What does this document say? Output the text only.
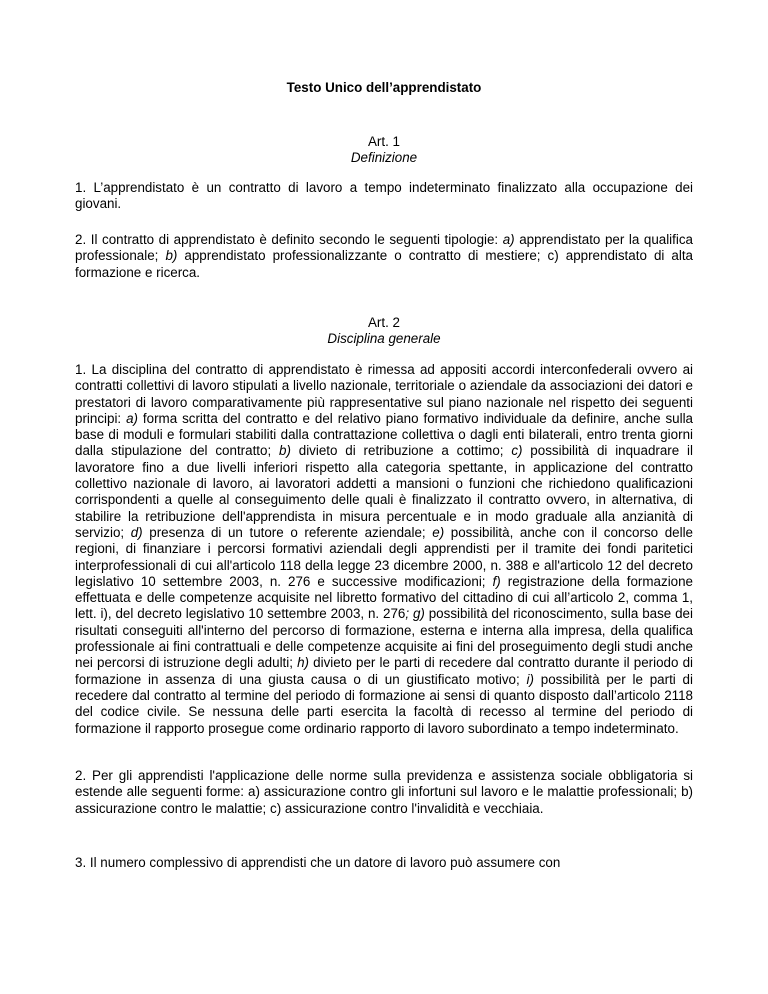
Testo Unico dell’apprendistato
Art. 1
Definizione

1. L’apprendistato è un contratto di lavoro a tempo indeterminato finalizzato alla occupazione dei giovani.

2. Il contratto di apprendistato è definito secondo le seguenti tipologie: a) apprendistato per la qualifica professionale; b) apprendistato professionalizzante o contratto di mestiere; c) apprendistato di alta formazione e ricerca.

Art. 2
Disciplina generale

1. La disciplina del contratto di apprendistato è rimessa ad appositi accordi interconfederali ovvero ai contratti collettivi di lavoro stipulati a livello nazionale, territoriale o aziendale da associazioni dei datori e prestatori di lavoro comparativamente più rappresentative sul piano nazionale nel rispetto dei seguenti principi: a) forma scritta del contratto e del relativo piano formativo individuale da definire, anche sulla base di moduli e formulari stabiliti dalla contrattazione collettiva o dagli enti bilaterali, entro trenta giorni dalla stipulazione del contratto; b) divieto di retribuzione a cottimo; c) possibilità di inquadrare il lavoratore fino a due livelli inferiori rispetto alla categoria spettante, in applicazione del contratto collettivo nazionale di lavoro, ai lavoratori addetti a mansioni o funzioni che richiedono qualificazioni corrispondenti a quelle al conseguimento delle quali è finalizzato il contratto ovvero, in alternativa, di stabilire la retribuzione dell'apprendista in misura percentuale e in modo graduale alla anzianità di servizio; d) presenza di un tutore o referente aziendale; e) possibilità, anche con il concorso delle regioni, di finanziare i percorsi formativi aziendali degli apprendisti per il tramite dei fondi paritetici interprofessionali di cui all'articolo 118 della legge 23 dicembre 2000, n. 388 e all'articolo 12 del decreto legislativo 10 settembre 2003, n. 276 e successive modificazioni; f) registrazione della formazione effettuata e delle competenze acquisite nel libretto formativo del cittadino di cui all’articolo 2, comma 1, lett. i), del decreto legislativo 10 settembre 2003, n. 276; g) possibilità del riconoscimento, sulla base dei risultati conseguiti all'interno del percorso di formazione, esterna e interna alla impresa, della qualifica professionale ai fini contrattuali e delle competenze acquisite ai fini del proseguimento degli studi anche nei percorsi di istruzione degli adulti; h) divieto per le parti di recedere dal contratto durante il periodo di formazione in assenza di una giusta causa o di un giustificato motivo; i) possibilità per le parti di recedere dal contratto al termine del periodo di formazione ai sensi di quanto disposto dall’articolo 2118 del codice civile. Se nessuna delle parti esercita la facoltà di recesso al termine del periodo di formazione il rapporto prosegue come ordinario rapporto di lavoro subordinato a tempo indeterminato.

2. Per gli apprendisti l'applicazione delle norme sulla previdenza e assistenza sociale obbligatoria si estende alle seguenti forme: a) assicurazione contro gli infortuni sul lavoro e le malattie professionali; b) assicurazione contro le malattie; c) assicurazione contro l'invalidità e vecchiaia.

3. Il numero complessivo di apprendisti che un datore di lavoro può assumere con
